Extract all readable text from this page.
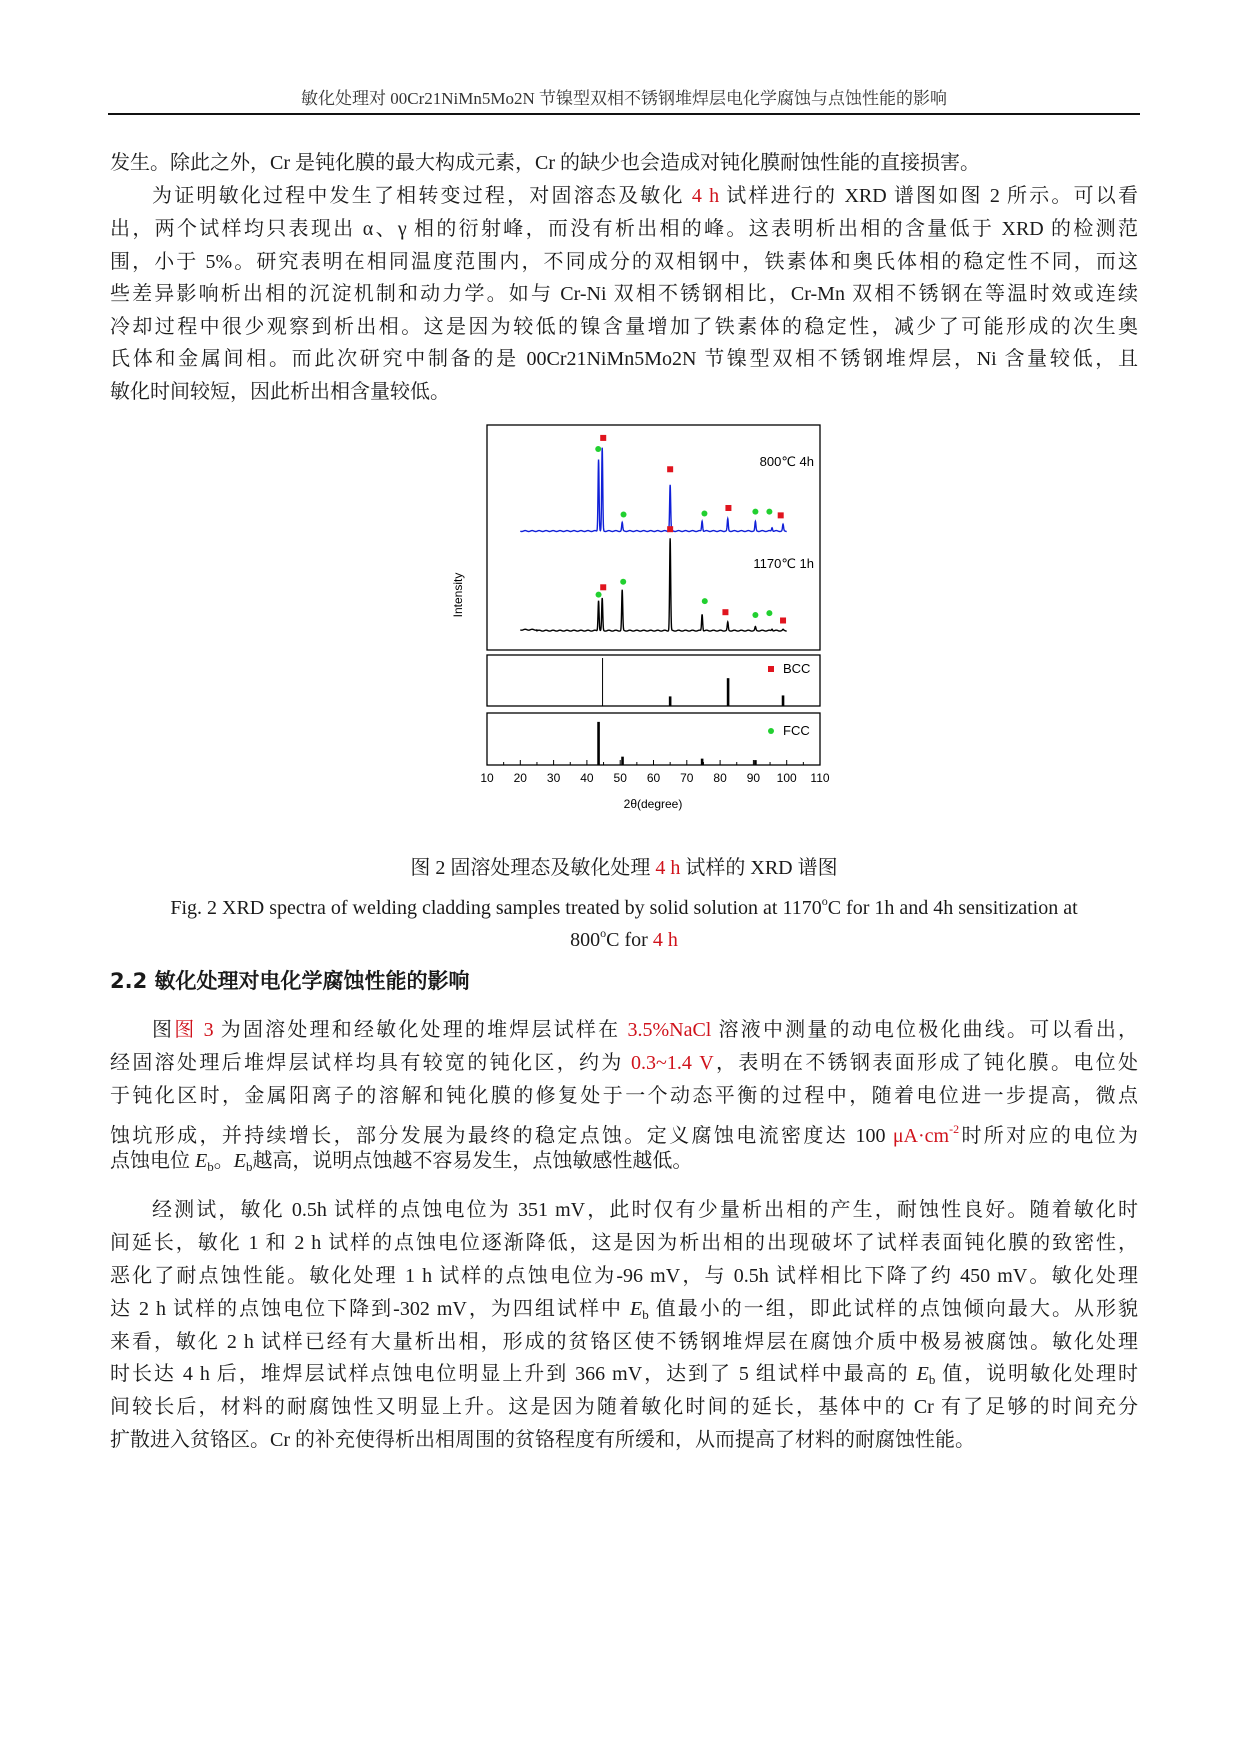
敏化处理对 00Cr21NiMn5Mo2N 节镍型双相不锈钢堆焊层电化学腐蚀与点蚀性能的影响
发生。除此之外，Cr 是钝化膜的最大构成元素，Cr 的缺少也会造成对钝化膜耐蚀性能的直接损害。
为证明敏化过程中发生了相转变过程，对固溶态及敏化 4 h 试样进行的 XRD 谱图如图 2 所示。可以看
出，两个试样均只表现出 α、γ 相的衍射峰，而没有析出相的峰。这表明析出相的含量低于 XRD 的检测范
围，小于 5%。研究表明在相同温度范围内，不同成分的双相钢中，铁素体和奥氏体相的稳定性不同，而这
些差异影响析出相的沉淀机制和动力学。如与 Cr-Ni 双相不锈钢相比，Cr-Mn 双相不锈钢在等温时效或连续
冷却过程中很少观察到析出相。这是因为较低的镍含量增加了铁素体的稳定性，减少了可能形成的次生奥
氏体和金属间相。而此次研究中制备的是 00Cr21NiMn5Mo2N 节镍型双相不锈钢堆焊层，Ni 含量较低，且
敏化时间较短，因此析出相含量较低。
图 2 固溶处理态及敏化处理 4 h 试样的 XRD 谱图
Fig. 2 XRD spectra of welding cladding samples treated by solid solution at 1170$^o$C for 1h and 4h sensitization at
800$^o$C for 4 h
2.2 敏化处理对电化学腐蚀性能的影响
图图 3 为固溶处理和经敏化处理的堆焊层试样在 3.5%NaCl 溶液中测量的动电位极化曲线。可以看出，
经固溶处理后堆焊层试样均具有较宽的钝化区，约为 0.3~1.4 V，表明在不锈钢表面形成了钝化膜。电位处
于钝化区时，金属阳离子的溶解和钝化膜的修复处于一个动态平衡的过程中，随着电位进一步提高，微点
蚀坑形成，并持续增长，部分发展为最终的稳定点蚀。定义腐蚀电流密度达 100 $\mu A\cdot cm^{-2}$时所对应的电位为
点蚀电位 $E_b$。$E_b$越高，说明点蚀越不容易发生，点蚀敏感性越低。
经测试，敏化 0.5h 试样的点蚀电位为 351 mV，此时仅有少量析出相的产生，耐蚀性良好。随着敏化时
间延长，敏化 1 和 2 h 试样的点蚀电位逐渐降低，这是因为析出相的出现破坏了试样表面钝化膜的致密性，
恶化了耐点蚀性能。敏化处理 1 h 试样的点蚀电位为-96 mV，与 0.5h 试样相比下降了约 450 mV。敏化处理
达 2 h 试样的点蚀电位下降到-302 mV，为四组试样中 $E_b$ 值最小的一组，即此试样的点蚀倾向最大。从形貌
来看，敏化 2 h 试样已经有大量析出相，形成的贫铬区使不锈钢堆焊层在腐蚀介质中极易被腐蚀。敏化处理
时长达 4 h 后，堆焊层试样点蚀电位明显上升到 366 mV，达到了 5 组试样中最高的 $E_b$ 值，说明敏化处理时
间较长后，材料的耐腐蚀性又明显上升。这是因为随着敏化时间的延长，基体中的 Cr 有了足够的时间充分
扩散进入贫铬区。Cr 的补充使得析出相周围的贫铬程度有所缓和，从而提高了材料的耐腐蚀性能。
Intensity
2θ(degree)
800℃ 4h
1170℃ 1h
BCC
FCC
10 20 30 40 50 60 70 80 90 100 110
